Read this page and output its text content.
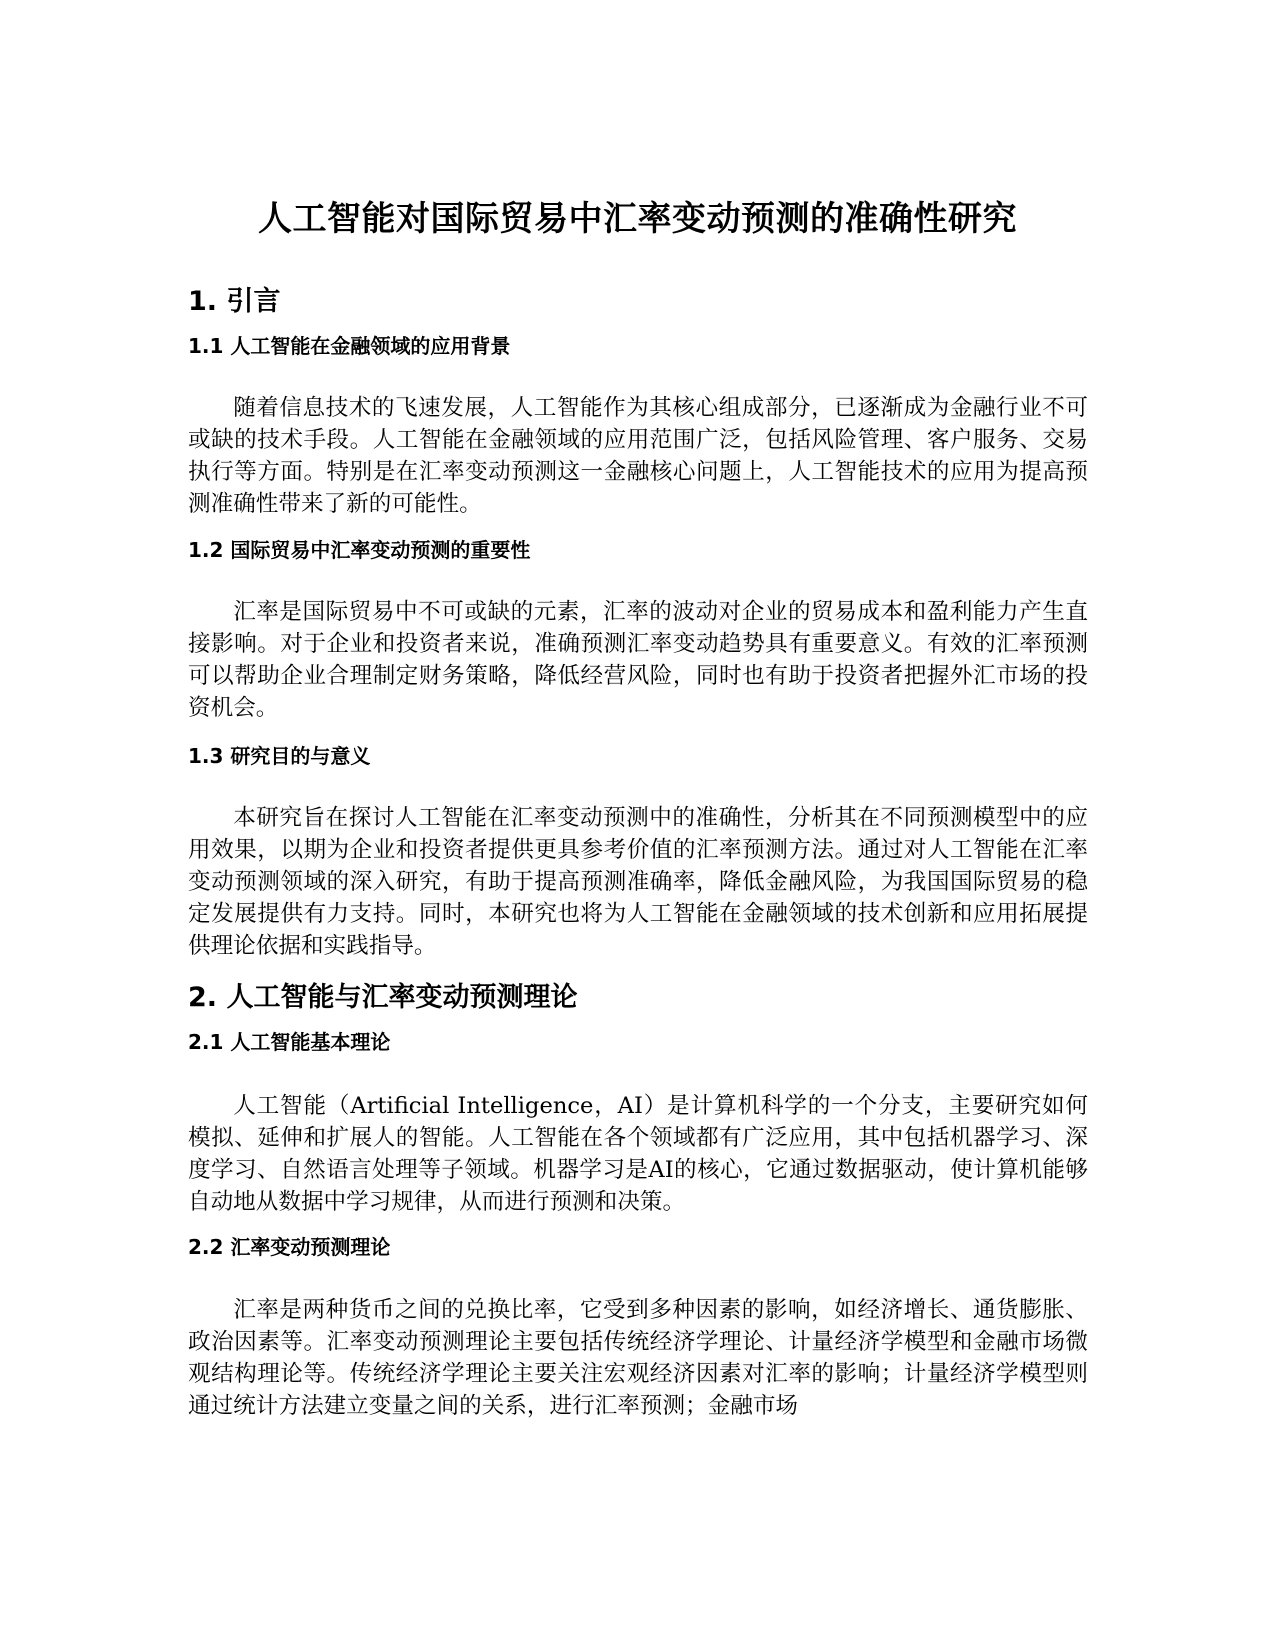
人工智能对国际贸易中汇率变动预测的准确性研究
1. 引言
1.1 人工智能在金融领域的应用背景

随着信息技术的飞速发展，人工智能作为其核心组成部分，已逐渐成为金融行业不可或缺的技术手段。人工智能在金融领域的应用范围广泛，包括风险管理、客户服务、交易执行等方面。特别是在汇率变动预测这一金融核心问题上，人工智能技术的应用为提高预测准确性带来了新的可能性。

1.2 国际贸易中汇率变动预测的重要性

汇率是国际贸易中不可或缺的元素，汇率的波动对企业的贸易成本和盈利能力产生直接影响。对于企业和投资者来说，准确预测汇率变动趋势具有重要意义。有效的汇率预测可以帮助企业合理制定财务策略，降低经营风险，同时也有助于投资者把握外汇市场的投资机会。

1.3 研究目的与意义

本研究旨在探讨人工智能在汇率变动预测中的准确性，分析其在不同预测模型中的应用效果，以期为企业和投资者提供更具参考价值的汇率预测方法。通过对人工智能在汇率变动预测领域的深入研究，有助于提高预测准确率，降低金融风险，为我国国际贸易的稳定发展提供有力支持。同时，本研究也将为人工智能在金融领域的技术创新和应用拓展提供理论依据和实践指导。

2. 人工智能与汇率变动预测理论
2.1 人工智能基本理论

人工智能（Artificial Intelligence，AI）是计算机科学的一个分支，主要研究如何模拟、延伸和扩展人的智能。人工智能在各个领域都有广泛应用，其中包括机器学习、深度学习、自然语言处理等子领域。机器学习是AI的核心，它通过数据驱动，使计算机能够自动地从数据中学习规律，从而进行预测和决策。

2.2 汇率变动预测理论

汇率是两种货币之间的兑换比率，它受到多种因素的影响，如经济增长、通货膨胀、政治因素等。汇率变动预测理论主要包括传统经济学理论、计量经济学模型和金融市场微观结构理论等。传统经济学理论主要关注宏观经济因素对汇率的影响；计量经济学模型则通过统计方法建立变量之间的关系，进行汇率预测；金融市场
